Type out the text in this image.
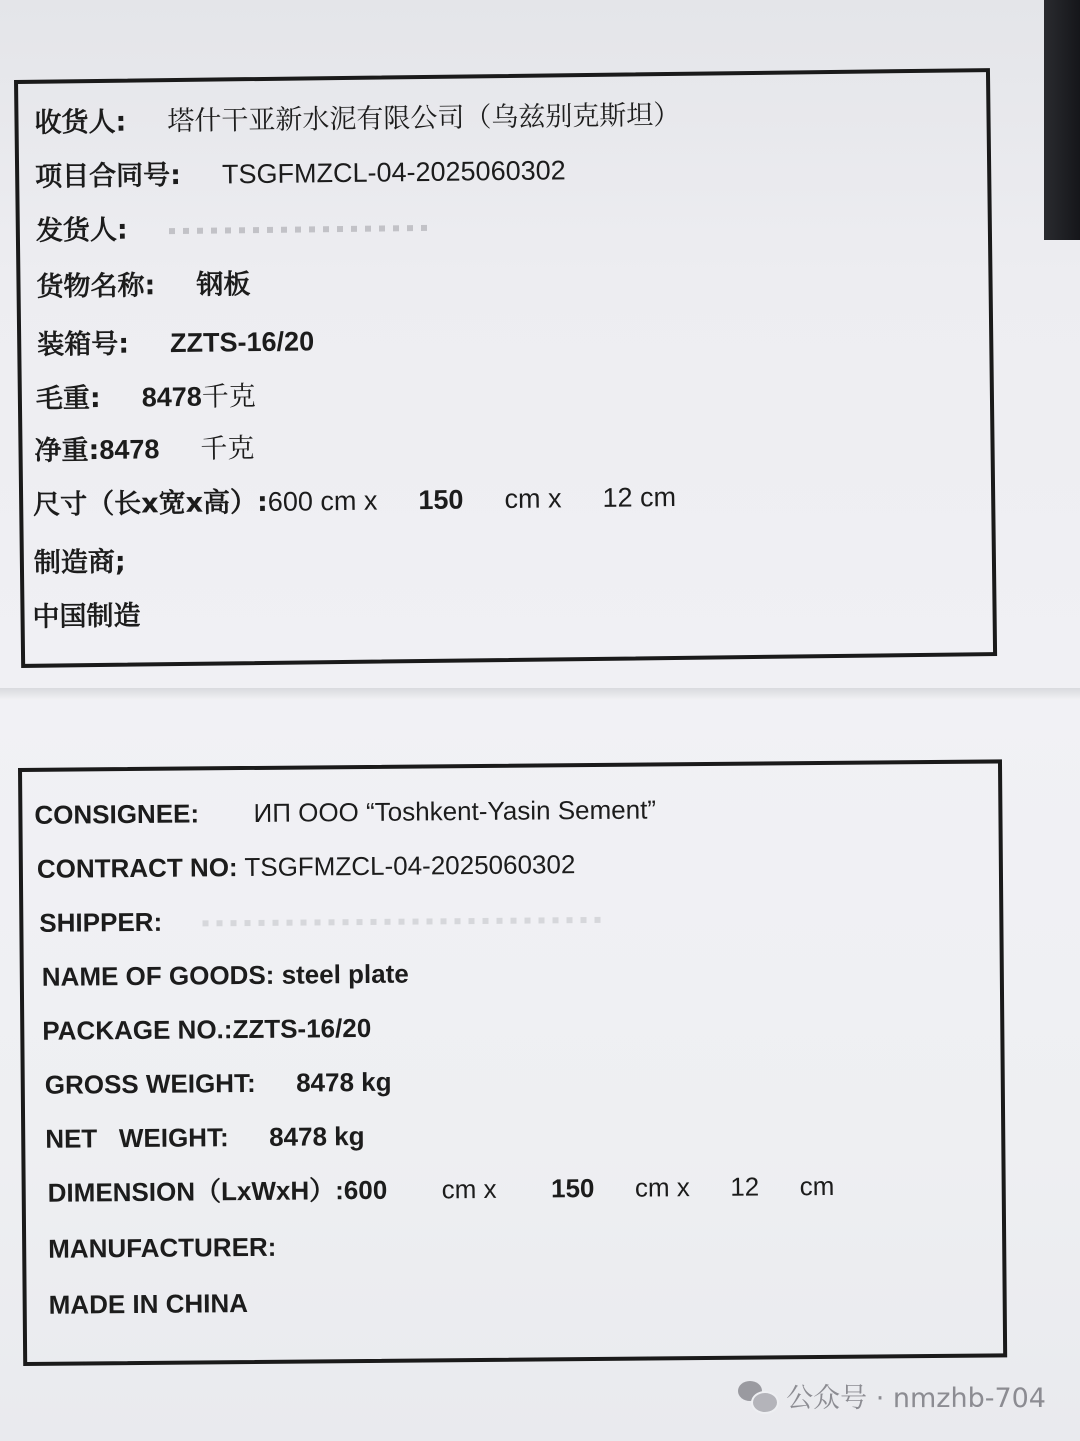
收货人: 塔什干亚新水泥有限公司（乌兹别克斯坦）
项目合同号: TSGFMZCL-04-2025060302
发货人:
货物名称: 钢板
装箱号: ZZTS-16/20
毛重: 8478千克
净重:8478 千克
尺寸（长x宽x高）:600 cm x 150 cm x 12 cm
制造商;
中国制造
CONSIGNEE: ИП ООО “Toshkent-Yasin Sement”
CONTRACT NO: TSGFMZCL-04-2025060302
SHIPPER:
NAME OF GOODS: steel plate
PACKAGE NO.:ZZTS-16/20
GROSS WEIGHT: 8478 kg
NET   WEIGHT: 8478 kg
DIMENSION（LxWxH）:600 cm x 150 cm x 12 cm
MANUFACTURER:
MADE IN CHINA
公众号 · nmzhb-704
